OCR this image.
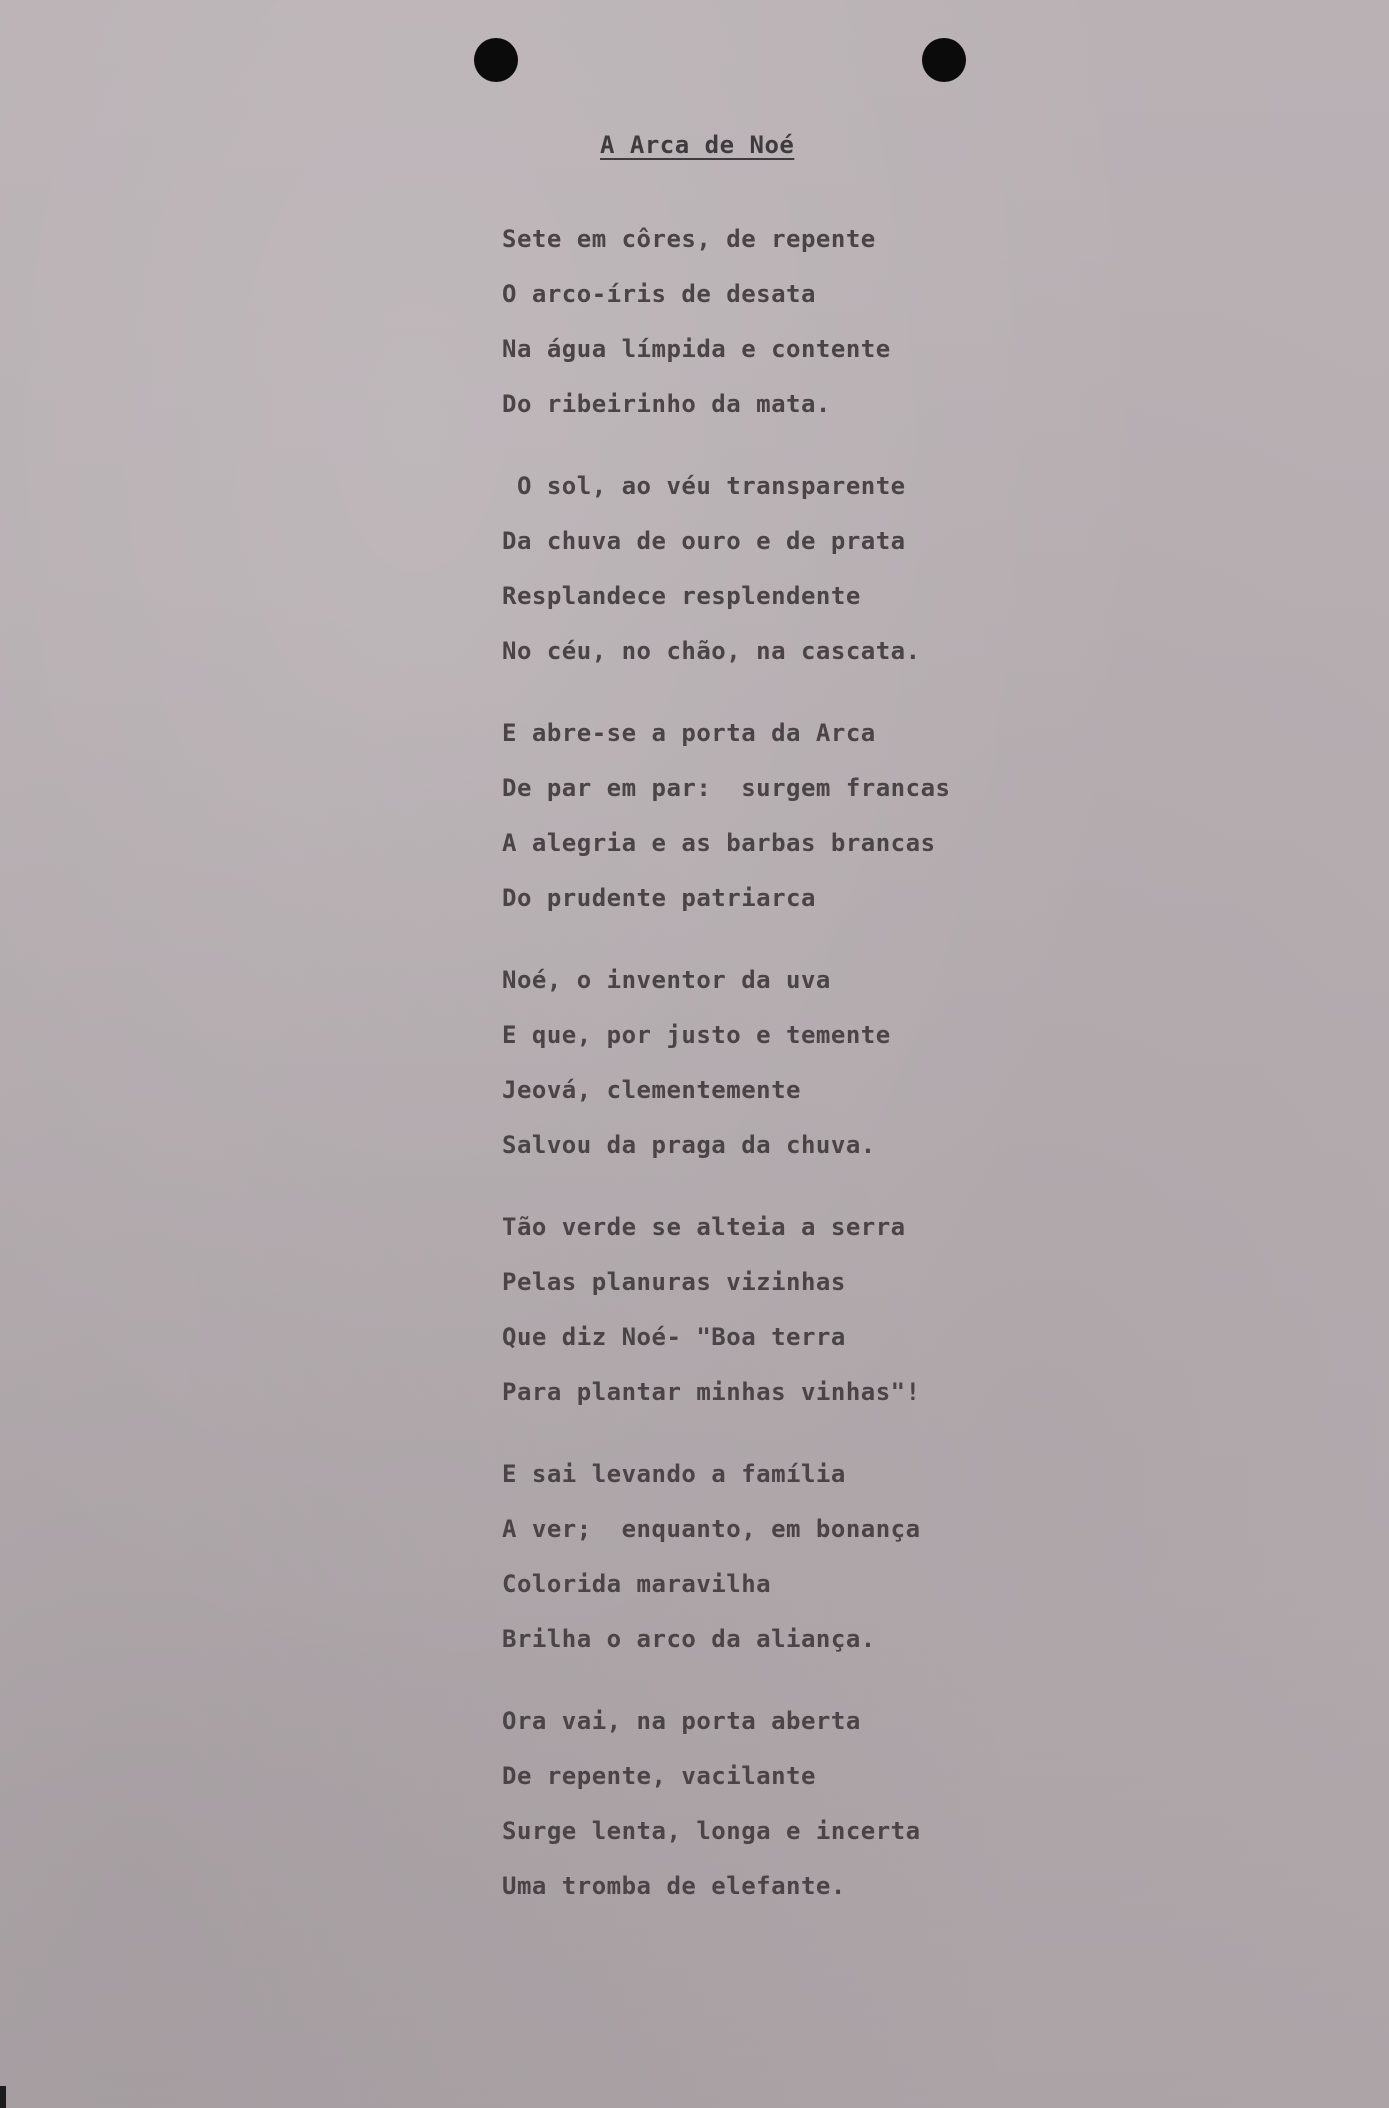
A Arca de Noé
Sete em côres, de repente
O arco-íris de desata
Na água límpida e contente
Do ribeirinho da mata.
O sol, ao véu transparente
Da chuva de ouro e de prata
Resplandece resplendente
No céu, no chão, na cascata.
E abre-se a porta da Arca
De par em par:  surgem francas
A alegria e as barbas brancas
Do prudente patriarca
Noé, o inventor da uva
E que, por justo e temente
Jeová, clementemente
Salvou da praga da chuva.
Tão verde se alteia a serra
Pelas planuras vizinhas
Que diz Noé- "Boa terra
Para plantar minhas vinhas"!
E sai levando a família
A ver;  enquanto, em bonança
Colorida maravilha
Brilha o arco da aliança.
Ora vai, na porta aberta
De repente, vacilante
Surge lenta, longa e incerta
Uma tromba de elefante.
